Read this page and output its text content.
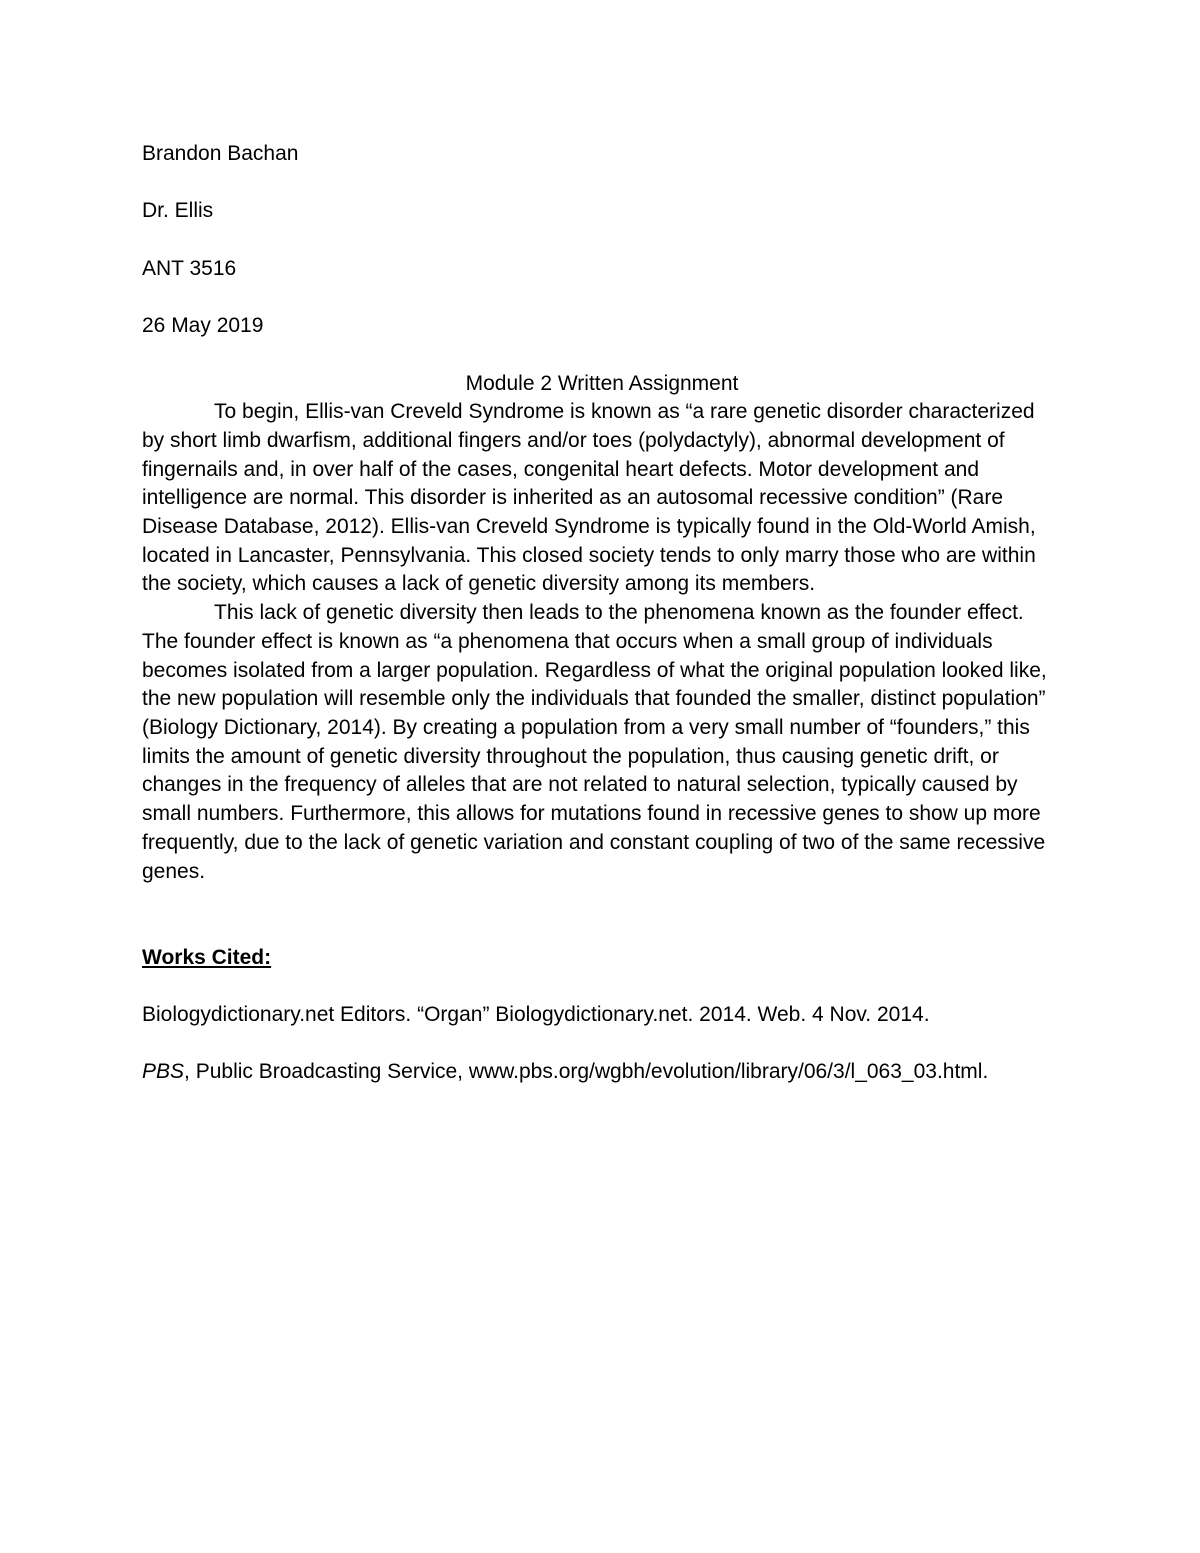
Brandon Bachan

Dr. Ellis

ANT 3516

26 May 2019

Module 2 Written Assignment

To begin, Ellis-van Creveld Syndrome is known as “a rare genetic disorder characterized by short limb dwarfism, additional fingers and/or toes (polydactyly), abnormal development of fingernails and, in over half of the cases, congenital heart defects. Motor development and intelligence are normal. This disorder is inherited as an autosomal recessive condition” (Rare Disease Database, 2012). Ellis-van Creveld Syndrome is typically found in the Old-World Amish, located in Lancaster, Pennsylvania. This closed society tends to only marry those who are within the society, which causes a lack of genetic diversity among its members.

This lack of genetic diversity then leads to the phenomena known as the founder effect. The founder effect is known as “a phenomena that occurs when a small group of individuals becomes isolated from a larger population. Regardless of what the original population looked like, the new population will resemble only the individuals that founded the smaller, distinct population” (Biology Dictionary, 2014). By creating a population from a very small number of “founders,” this limits the amount of genetic diversity throughout the population, thus causing genetic drift, or changes in the frequency of alleles that are not related to natural selection, typically caused by small numbers. Furthermore, this allows for mutations found in recessive genes to show up more frequently, due to the lack of genetic variation and constant coupling of two of the same recessive genes.

Works Cited:

Biologydictionary.net Editors. “Organ” Biologydictionary.net. 2014. Web. 4 Nov. 2014.

PBS, Public Broadcasting Service, www.pbs.org/wgbh/evolution/library/06/3/l_063_03.html.
